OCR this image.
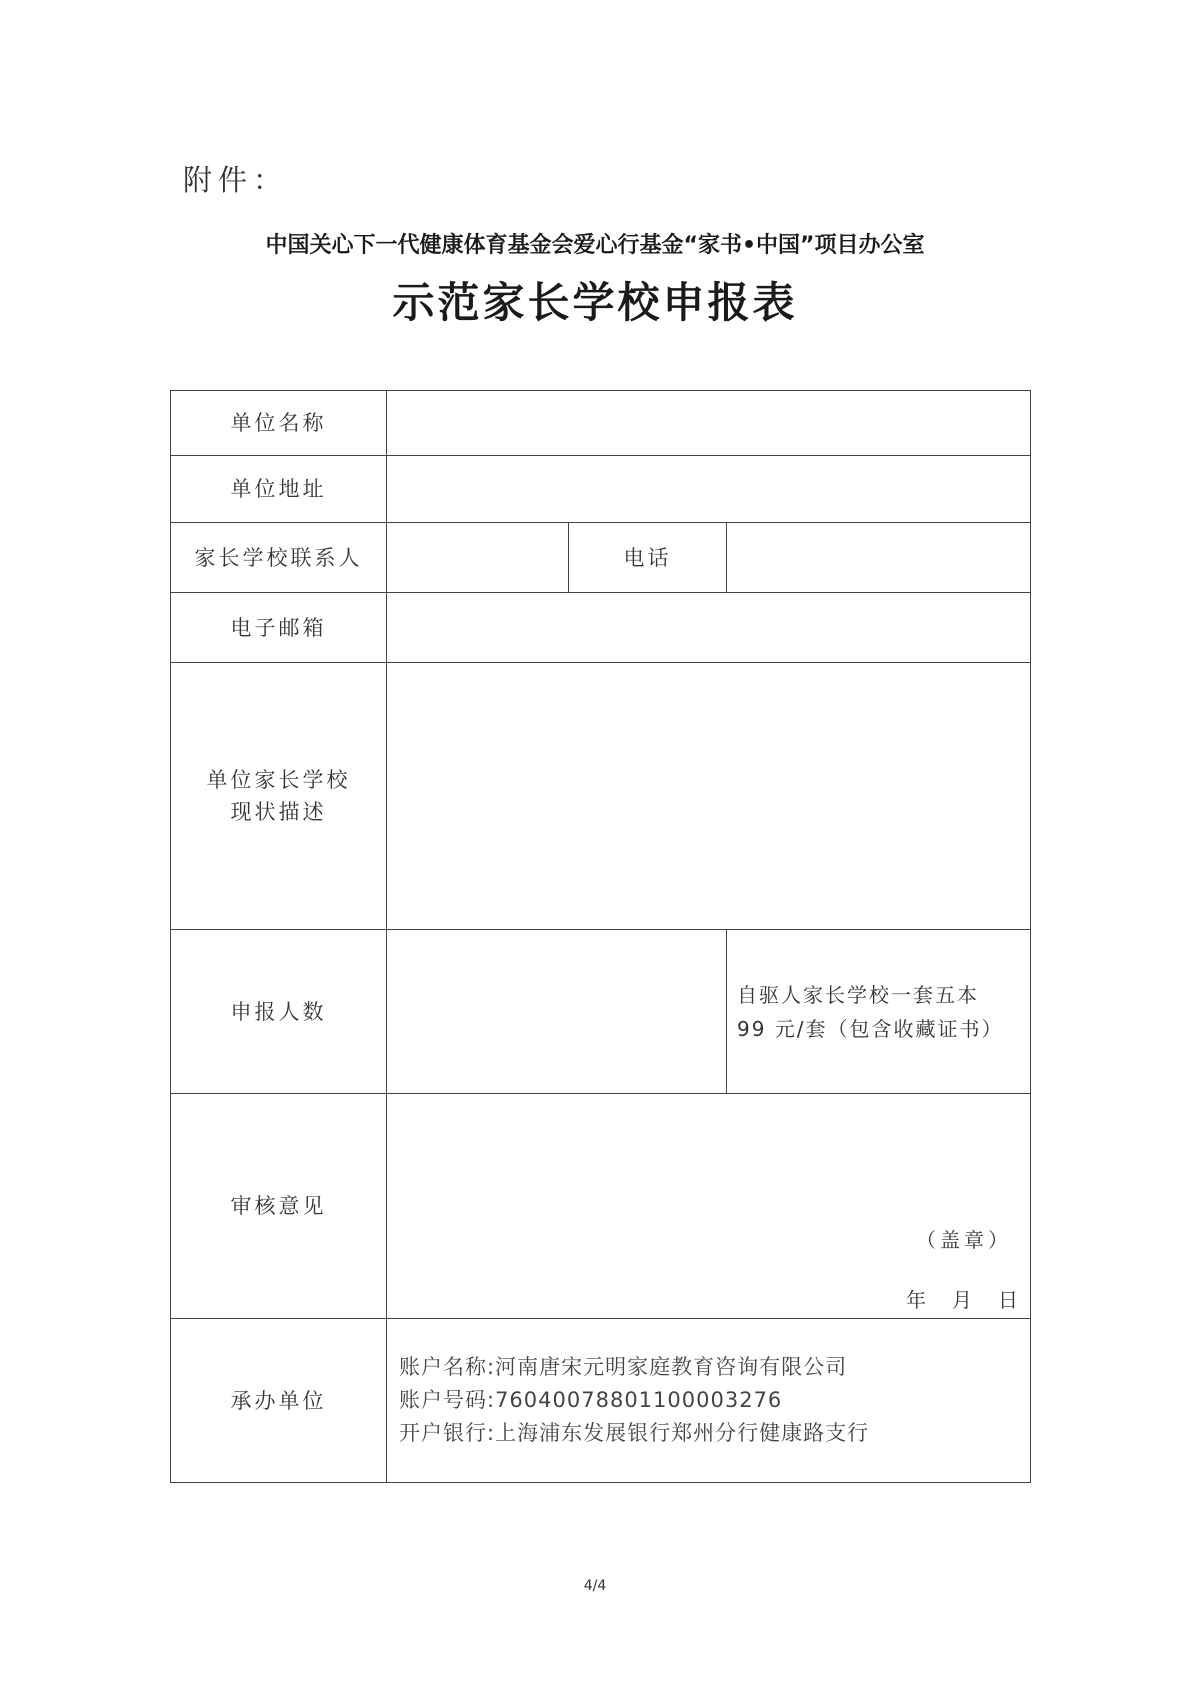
附件：
中国关心下一代健康体育基金会爱心行基金“家书•中国”项目办公室
示范家长学校申报表
单位名称			
单位地址			
家长学校联系人		电话	
电子邮箱			

单位家长学校
现状描述			

申报人数			自驱人家长学校一套五本
99 元/套（包含收藏证书）

审核意见	（盖章）
年 月 日		

承办单位	账户名称:河南唐宋元明家庭教育咨询有限公司
账户号码:76040078801100003276
开户银行:上海浦东发展银行郑州分行健康路支行		
4/4
